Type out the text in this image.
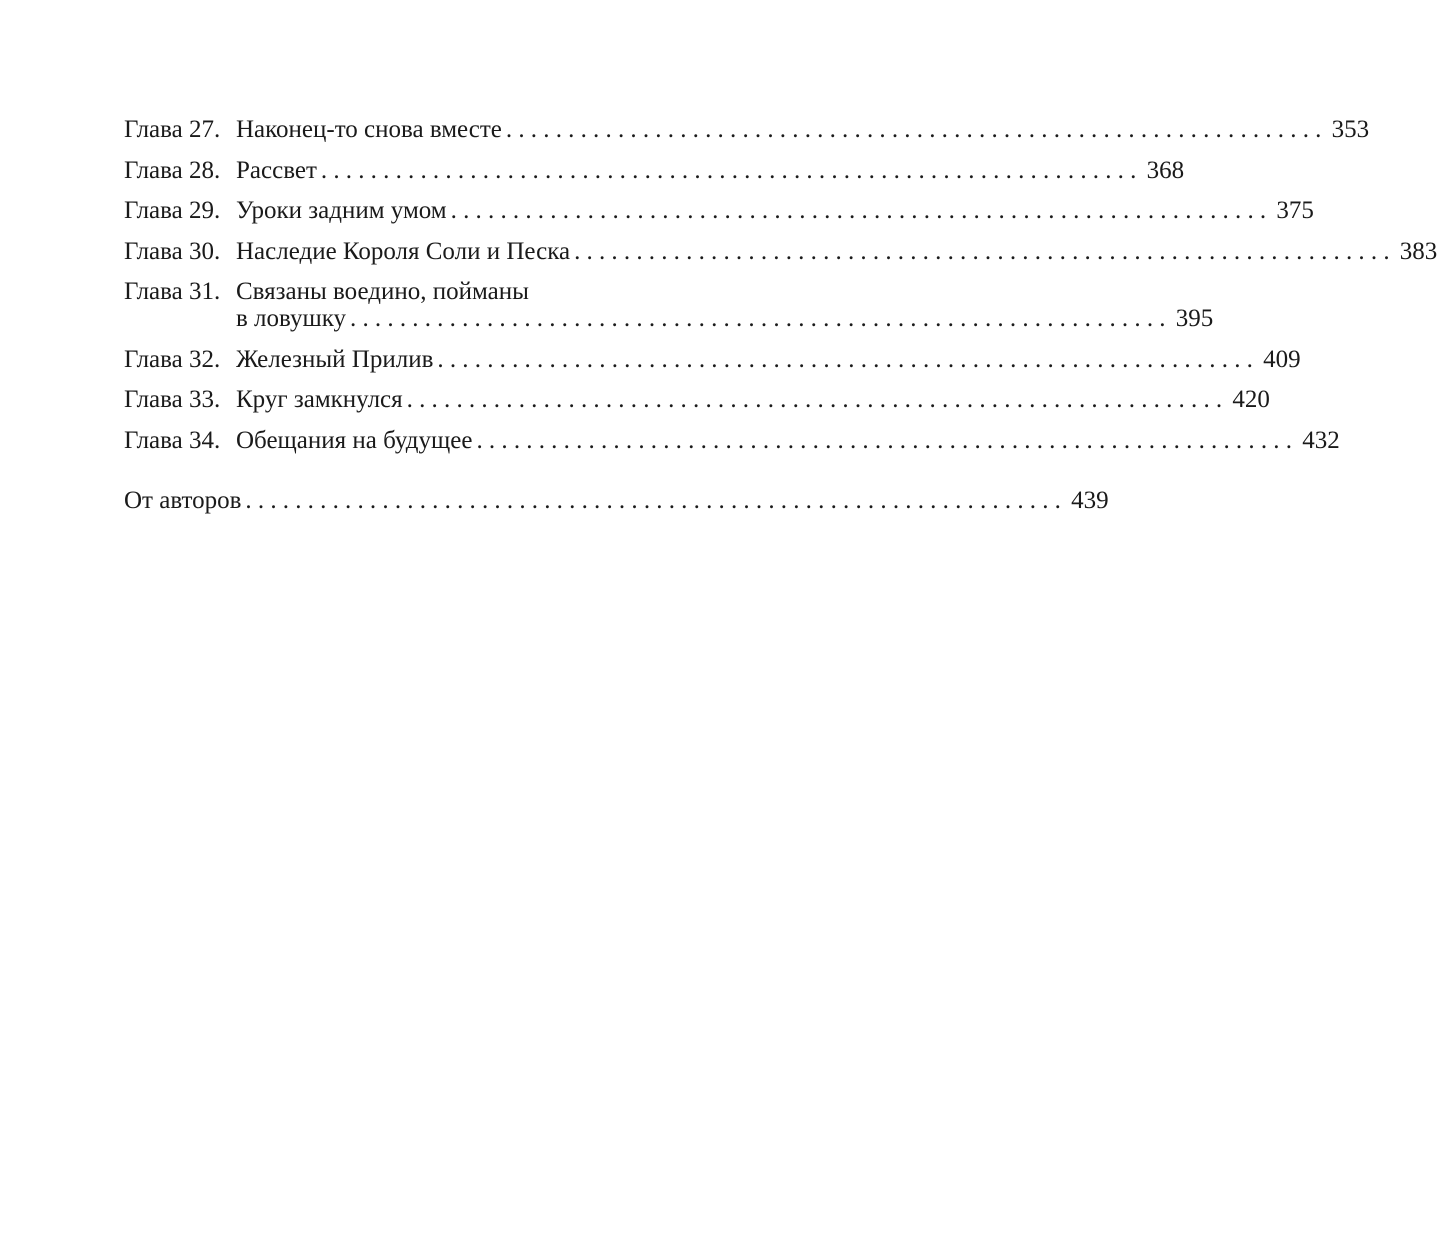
Глава 27. Наконец-то снова вместе .................................................................. 353
Глава 28. Рассвет .................................................................. 368
Глава 29. Уроки задним умом .................................................................. 375
Глава 30. Наследие Короля Соли и Песка .................................................................. 383
Глава 31. Связаны воедино, пойманы
в ловушку .................................................................. 395
Глава 32. Железный Прилив .................................................................. 409
Глава 33. Круг замкнулся .................................................................. 420
Глава 34. Обещания на будущее .................................................................. 432
От авторов .................................................................. 439
